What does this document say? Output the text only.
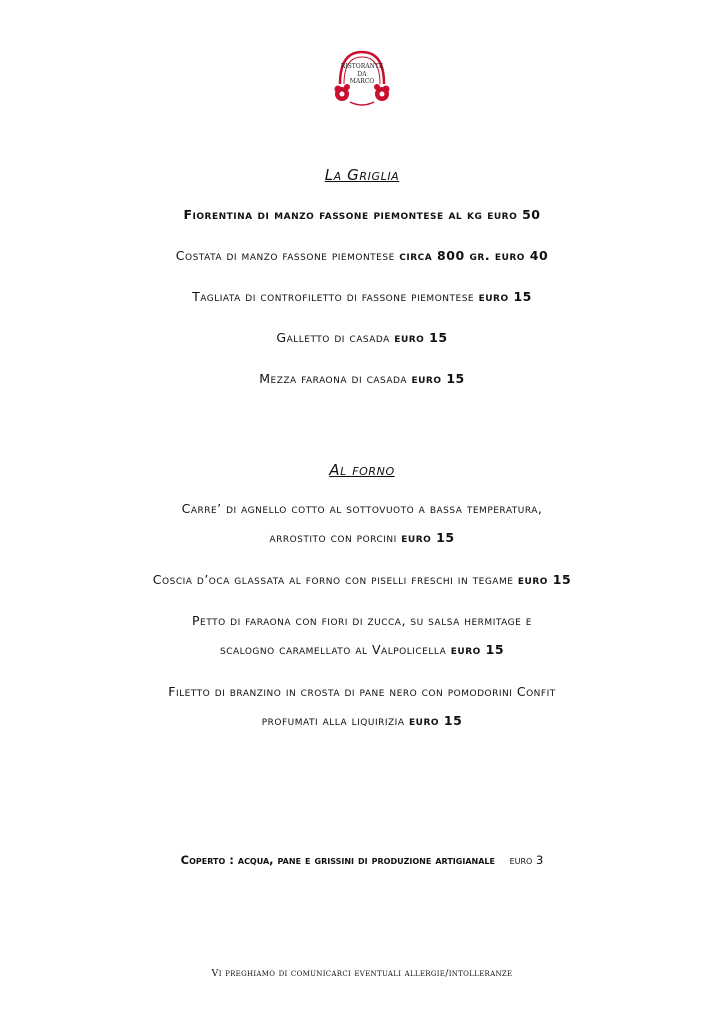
RISTORANTE
DA
MARCO
La Griglia
Fiorentina di manzo fassone piemontese al kg euro 50
Costata di manzo fassone piemontese circa 800 gr. euro 40
Tagliata di controfiletto di fassone piemontese euro 15
Galletto di casada euro 15
Mezza faraona di casada euro 15
Al forno
Carre’ di agnello cotto al sottovuoto a bassa temperatura,
arrostito con porcini euro 15
Coscia d’oca glassata al forno con piselli freschi in tegame euro 15
Petto di faraona con fiori di zucca, su salsa hermitage e
scalogno caramellato al Valpolicella euro 15
Filetto di branzino in crosta di pane nero con pomodorini Confit
profumati alla liquirizia euro 15
Coperto : acqua, pane e grissini di produzione artigianale    euro 3
Vi preghiamo di comunicarci eventuali allergie/intolleranze
